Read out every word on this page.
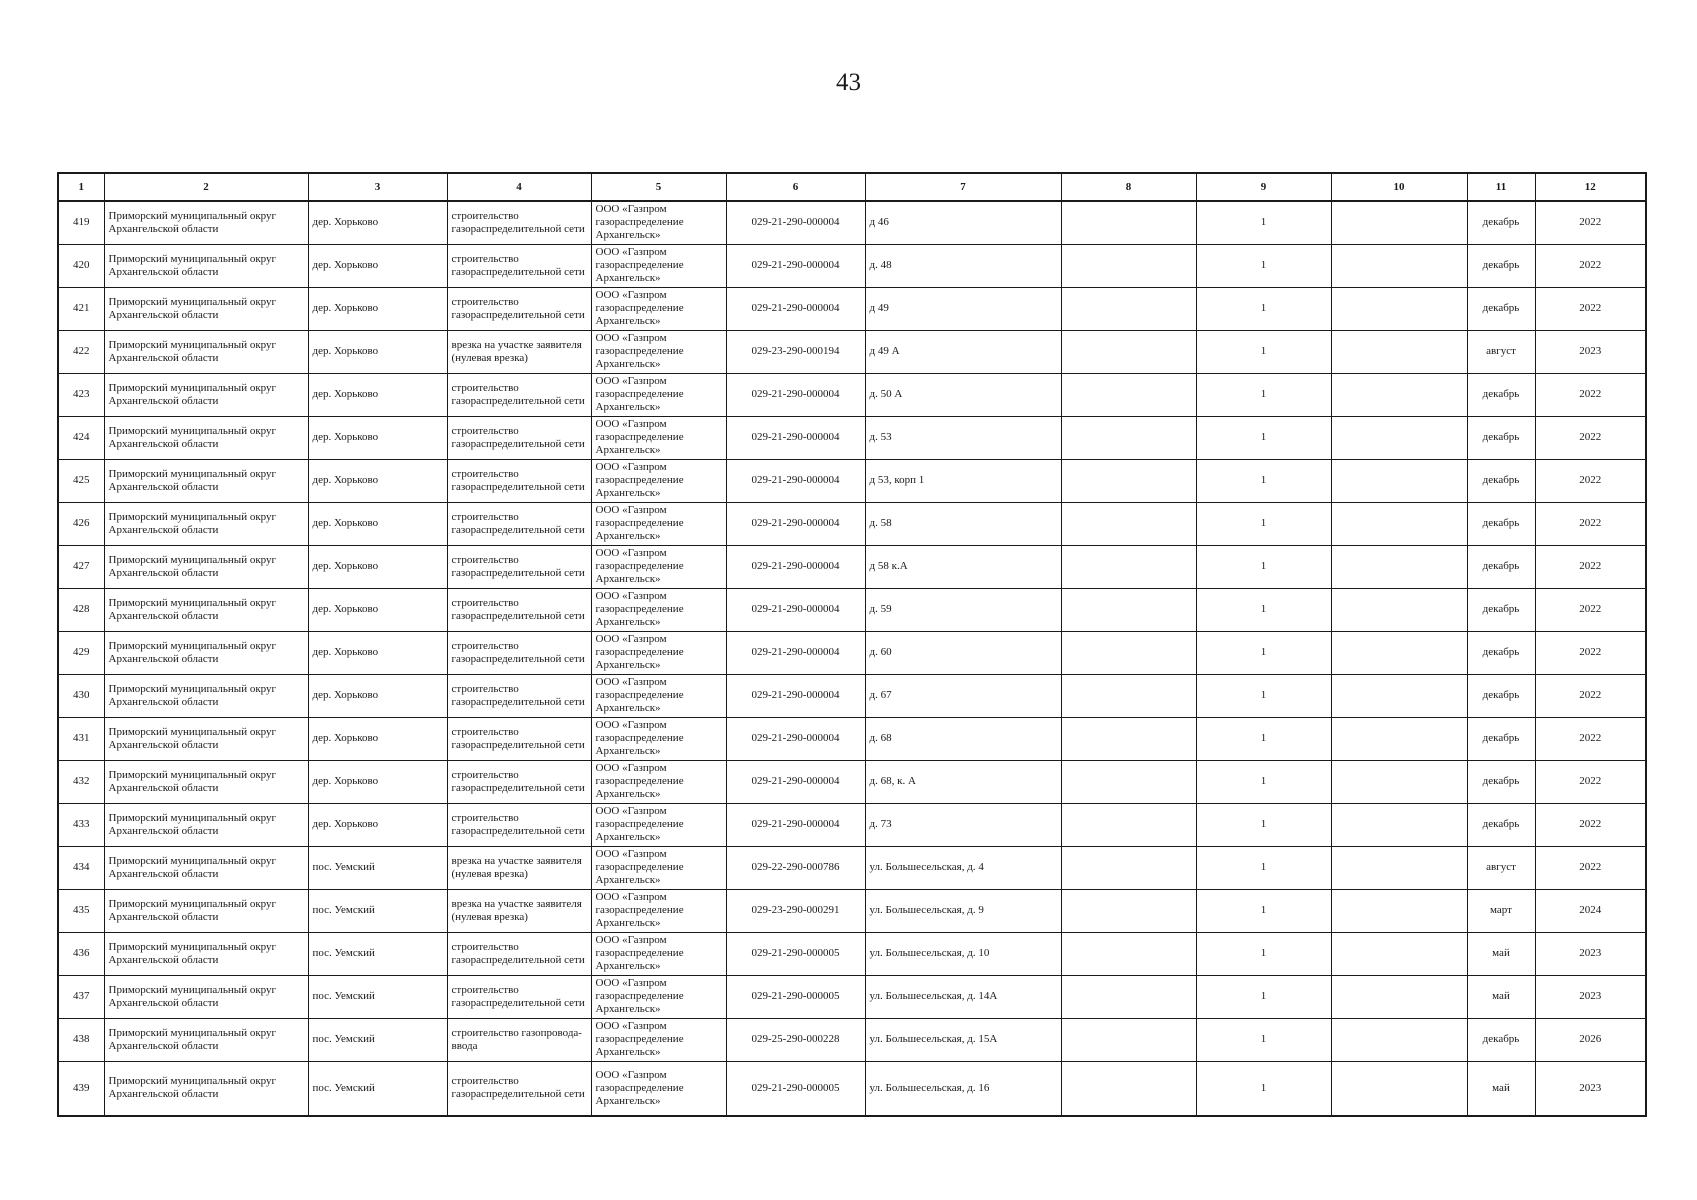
43
1	2	3	4	5	6	7	8	9	10	11	12
419	Приморский муниципальный округ Архангельской области	дер. Хорьково	строительство газораспределительной сети	ООО «Газпром газораспределение Архангельск»	029-21-290-000004	д 46		1		декабрь	2022
420	Приморский муниципальный округ Архангельской области	дер. Хорьково	строительство газораспределительной сети	ООО «Газпром газораспределение Архангельск»	029-21-290-000004	д. 48		1		декабрь	2022
421	Приморский муниципальный округ Архангельской области	дер. Хорьково	строительство газораспределительной сети	ООО «Газпром газораспределение Архангельск»	029-21-290-000004	д 49		1		декабрь	2022
422	Приморский муниципальный округ Архангельской области	дер. Хорьково	врезка на участке заявителя (нулевая врезка)	ООО «Газпром газораспределение Архангельск»	029-23-290-000194	д 49 А		1		август	2023
423	Приморский муниципальный округ Архангельской области	дер. Хорьково	строительство газораспределительной сети	ООО «Газпром газораспределение Архангельск»	029-21-290-000004	д. 50 А		1		декабрь	2022
424	Приморский муниципальный округ Архангельской области	дер. Хорьково	строительство газораспределительной сети	ООО «Газпром газораспределение Архангельск»	029-21-290-000004	д. 53		1		декабрь	2022
425	Приморский муниципальный округ Архангельской области	дер. Хорьково	строительство газораспределительной сети	ООО «Газпром газораспределение Архангельск»	029-21-290-000004	д 53, корп 1		1		декабрь	2022
426	Приморский муниципальный округ Архангельской области	дер. Хорьково	строительство газораспределительной сети	ООО «Газпром газораспределение Архангельск»	029-21-290-000004	д. 58		1		декабрь	2022
427	Приморский муниципальный округ Архангельской области	дер. Хорьково	строительство газораспределительной сети	ООО «Газпром газораспределение Архангельск»	029-21-290-000004	д 58 к.А		1		декабрь	2022
428	Приморский муниципальный округ Архангельской области	дер. Хорьково	строительство газораспределительной сети	ООО «Газпром газораспределение Архангельск»	029-21-290-000004	д. 59		1		декабрь	2022
429	Приморский муниципальный округ Архангельской области	дер. Хорьково	строительство газораспределительной сети	ООО «Газпром газораспределение Архангельск»	029-21-290-000004	д. 60		1		декабрь	2022
430	Приморский муниципальный округ Архангельской области	дер. Хорьково	строительство газораспределительной сети	ООО «Газпром газораспределение Архангельск»	029-21-290-000004	д. 67		1		декабрь	2022
431	Приморский муниципальный округ Архангельской области	дер. Хорьково	строительство газораспределительной сети	ООО «Газпром газораспределение Архангельск»	029-21-290-000004	д. 68		1		декабрь	2022
432	Приморский муниципальный округ Архангельской области	дер. Хорьково	строительство газораспределительной сети	ООО «Газпром газораспределение Архангельск»	029-21-290-000004	д. 68, к. А		1		декабрь	2022
433	Приморский муниципальный округ Архангельской области	дер. Хорьково	строительство газораспределительной сети	ООО «Газпром газораспределение Архангельск»	029-21-290-000004	д. 73		1		декабрь	2022
434	Приморский муниципальный округ Архангельской области	пос. Уемский	врезка на участке заявителя (нулевая врезка)	ООО «Газпром газораспределение Архангельск»	029-22-290-000786	ул. Большесельская, д. 4		1		август	2022
435	Приморский муниципальный округ Архангельской области	пос. Уемский	врезка на участке заявителя (нулевая врезка)	ООО «Газпром газораспределение Архангельск»	029-23-290-000291	ул. Большесельская, д. 9		1		март	2024
436	Приморский муниципальный округ Архангельской области	пос. Уемский	строительство газораспределительной сети	ООО «Газпром газораспределение Архангельск»	029-21-290-000005	ул. Большесельская, д. 10		1		май	2023
437	Приморский муниципальный округ Архангельской области	пос. Уемский	строительство газораспределительной сети	ООО «Газпром газораспределение Архангельск»	029-21-290-000005	ул. Большесельская, д. 14А		1		май	2023
438	Приморский муниципальный округ Архангельской области	пос. Уемский	строительство газопровода-ввода	ООО «Газпром газораспределение Архангельск»	029-25-290-000228	ул. Большесельская, д. 15А		1		декабрь	2026
439	Приморский муниципальный округ Архангельской области	пос. Уемский	строительство газораспределительной сети	ООО «Газпром газораспределение Архангельск»	029-21-290-000005	ул. Большесельская, д. 16		1		май	2023
